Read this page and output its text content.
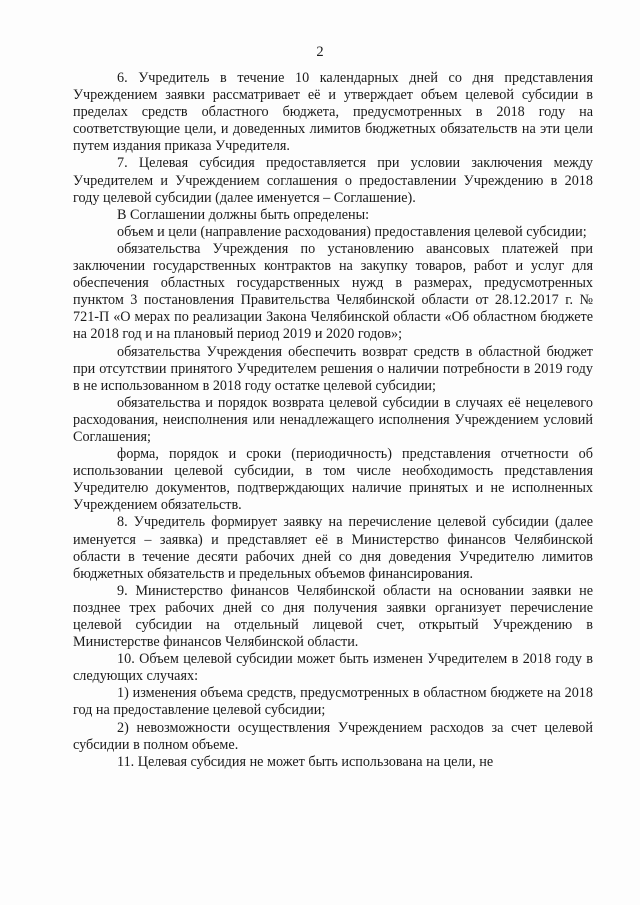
2

6. Учредитель в течение 10 календарных дней со дня представления Учреждением заявки рассматривает её и утверждает объем целевой субсидии в пределах средств областного бюджета, предусмотренных в 2018 году на соответствующие цели, и доведенных лимитов бюджетных обязательств на эти цели путем издания приказа Учредителя.

7. Целевая субсидия предоставляется при условии заключения между Учредителем и Учреждением соглашения о предоставлении Учреждению в 2018 году целевой субсидии (далее именуется – Соглашение).

В Соглашении должны быть определены:

объем и цели (направление расходования) предоставления целевой субсидии;

обязательства Учреждения по установлению авансовых платежей при заключении государственных контрактов на закупку товаров, работ и услуг для обеспечения областных государственных нужд в размерах, предусмотренных пунктом 3 постановления Правительства Челябинской области от 28.12.2017 г. № 721-П «О мерах по реализации Закона Челябинской области «Об областном бюджете на 2018 год и на плановый период 2019 и 2020 годов»;

обязательства Учреждения обеспечить возврат средств в областной бюджет при отсутствии принятого Учредителем решения о наличии потребности в 2019 году в не использованном в 2018 году остатке целевой субсидии;

обязательства и порядок возврата целевой субсидии в случаях её нецелевого расходования, неисполнения или ненадлежащего исполнения Учреждением условий Соглашения;

форма, порядок и сроки (периодичность) представления отчетности об использовании целевой субсидии, в том числе необходимость представления Учредителю документов, подтверждающих наличие принятых и не исполненных Учреждением обязательств.

8. Учредитель формирует заявку на перечисление целевой субсидии (далее именуется – заявка) и представляет её в Министерство финансов Челябинской области в течение десяти рабочих дней со дня доведения Учредителю лимитов бюджетных обязательств и предельных объемов финансирования.

9. Министерство финансов Челябинской области на основании заявки не позднее трех рабочих дней со дня получения заявки организует перечисление целевой субсидии на отдельный лицевой счет, открытый Учреждению в Министерстве финансов Челябинской области.

10. Объем целевой субсидии может быть изменен Учредителем в 2018 году в следующих случаях:

1) изменения объема средств, предусмотренных в областном бюджете на 2018 год на предоставление целевой субсидии;

2) невозможности осуществления Учреждением расходов за счет целевой субсидии в полном объеме.

11. Целевая субсидия не может быть использована на цели, не
